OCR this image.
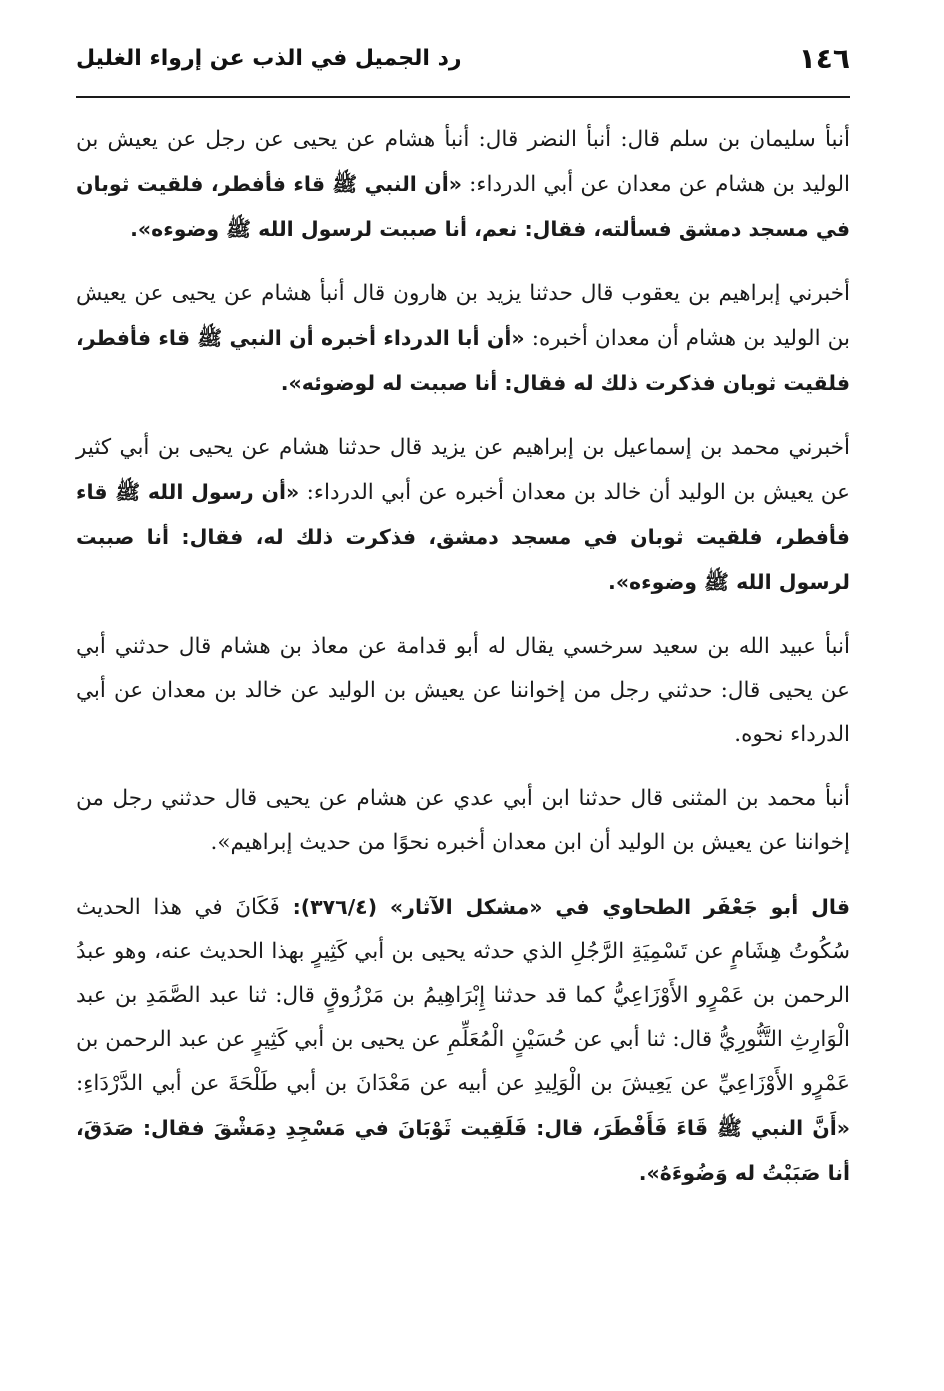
١٤٦
رد الجميل في الذب عن إرواء الغليل

أنبأ سليمان بن سلم قال: أنبأ النضر قال: أنبأ هشام عن يحيى عن رجل عن يعيش بن الوليد بن هشام عن معدان عن أبي الدرداء: «أن النبي ﷺ قاء فأفطر، فلقيت ثوبان في مسجد دمشق فسألته، فقال: نعم، أنا صببت لرسول الله ﷺ وضوءه».

أخبرني إبراهيم بن يعقوب قال حدثنا يزيد بن هارون قال أنبأ هشام عن يحيى عن يعيش بن الوليد بن هشام أن معدان أخبره: «أن أبا الدرداء أخبره أن النبي ﷺ قاء فأفطر، فلقيت ثوبان فذكرت ذلك له فقال: أنا صببت له لوضوئه».

أخبرني محمد بن إسماعيل بن إبراهيم عن يزيد قال حدثنا هشام عن يحيى بن أبي كثير عن يعيش بن الوليد أن خالد بن معدان أخبره عن أبي الدرداء: «أن رسول الله ﷺ قاء فأفطر، فلقيت ثوبان في مسجد دمشق، فذكرت ذلك له، فقال: أنا صببت لرسول الله ﷺ وضوءه».

أنبأ عبيد الله بن سعيد سرخسي يقال له أبو قدامة عن معاذ بن هشام قال حدثني أبي عن يحيى قال: حدثني رجل من إخواننا عن يعيش بن الوليد عن خالد بن معدان عن أبي الدرداء نحوه.

أنبأ محمد بن المثنى قال حدثنا ابن أبي عدي عن هشام عن يحيى قال حدثني رجل من إخواننا عن يعيش بن الوليد أن ابن معدان أخبره نحوًا من حديث إبراهيم».

قال أبو جَعْفَر الطحاوي في «مشكل الآثار» (٣٧٦/٤): فَكَانَ في هذا الحديث سُكُوتُ هِشَامٍ عن تَسْمِيَةِ الرَّجُلِ الذي حدثه يحيى بن أبي كَثِيرٍ بهذا الحديث عنه، وهو عبدُ الرحمن بن عَمْرٍو الأَوْزَاعِيُّ كما قد حدثنا إِبْرَاهِيمُ بن مَرْزُوقٍ قال: ثنا عبد الصَّمَدِ بن عبد الْوَارِثِ التَّنُّورِيُّ قال: ثنا أبي عن حُسَيْنٍ الْمُعَلِّمِ عن يحيى بن أبي كَثِيرٍ عن عبد الرحمن بن عَمْرٍو الأَوْزَاعِيِّ عن يَعِيشَ بن الْوَلِيدِ عن أبيه عن مَعْدَانَ بن أبي طَلْحَةَ عن أبي الدَّرْدَاءِ: «أَنَّ النبي ﷺ قَاءَ فَأَفْطَرَ، قال: فَلَقِيت ثَوْبَانَ في مَسْجِدِ دِمَشْقَ فقال: صَدَقَ، أنا صَبَبْتُ له وَضُوءَهُ».
